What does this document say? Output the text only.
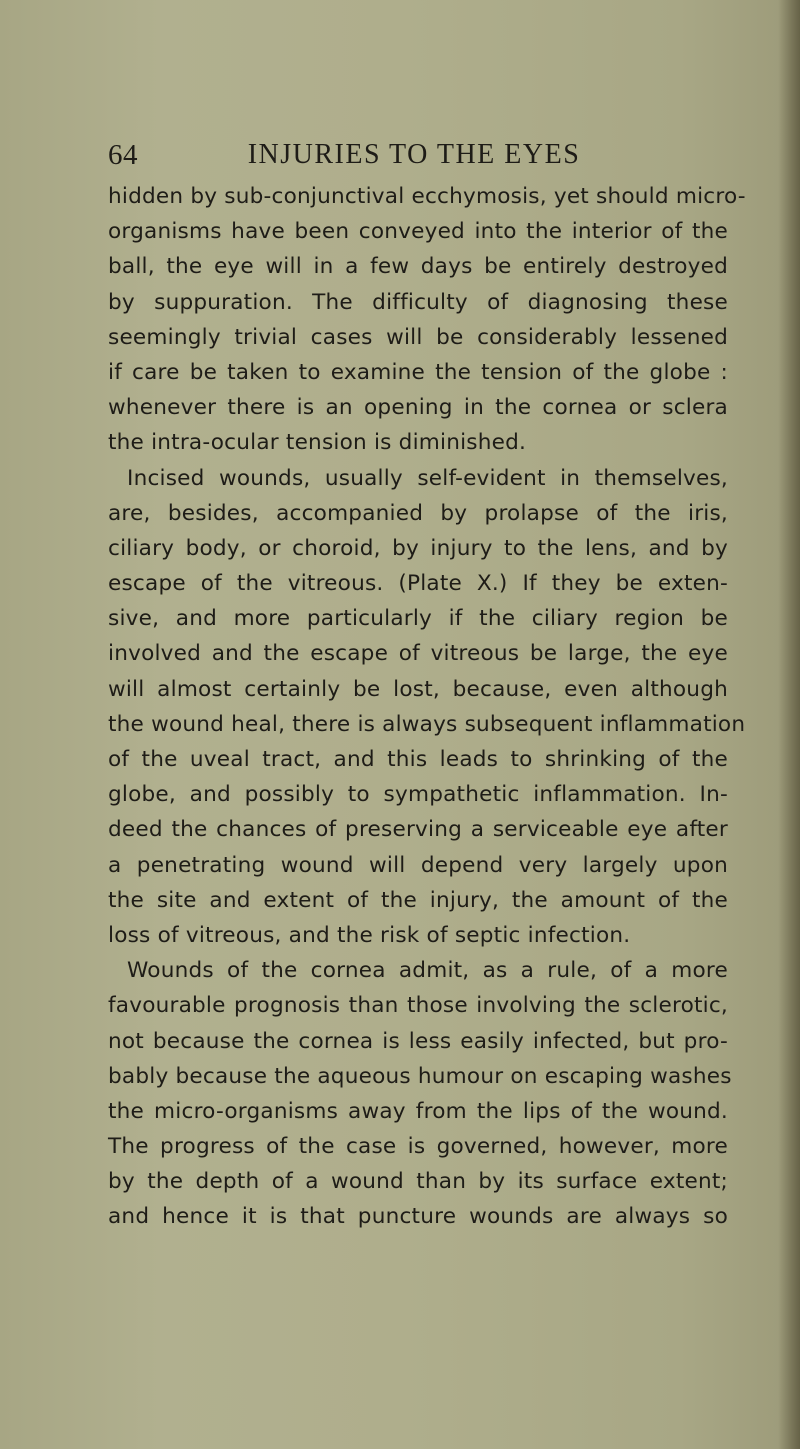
64	INJURIES TO THE EYES
hidden by sub-conjunctival ecchymosis, yet should micro-
organisms have been conveyed into the interior of the
ball, the eye will in a few days be entirely destroyed
by suppuration. The difficulty of diagnosing these
seemingly trivial cases will be considerably lessened
if care be taken to examine the tension of the globe :
whenever there is an opening in the cornea or sclera
the intra-ocular tension is diminished.
Incised wounds, usually self-evident in themselves,
are, besides, accompanied by prolapse of the iris,
ciliary body, or choroid, by injury to the lens, and by
escape of the vitreous. (Plate X.) If they be exten-
sive, and more particularly if the ciliary region be
involved and the escape of vitreous be large, the eye
will almost certainly be lost, because, even although
the wound heal, there is always subsequent inflammation
of the uveal tract, and this leads to shrinking of the
globe, and possibly to sympathetic inflammation. In-
deed the chances of preserving a serviceable eye after
a penetrating wound will depend very largely upon
the site and extent of the injury, the amount of the
loss of vitreous, and the risk of septic infection.
Wounds of the cornea admit, as a rule, of a more
favourable prognosis than those involving the sclerotic,
not because the cornea is less easily infected, but pro-
bably because the aqueous humour on escaping washes
the micro-organisms away from the lips of the wound.
The progress of the case is governed, however, more
by the depth of a wound than by its surface extent;
and hence it is that puncture wounds are always so
